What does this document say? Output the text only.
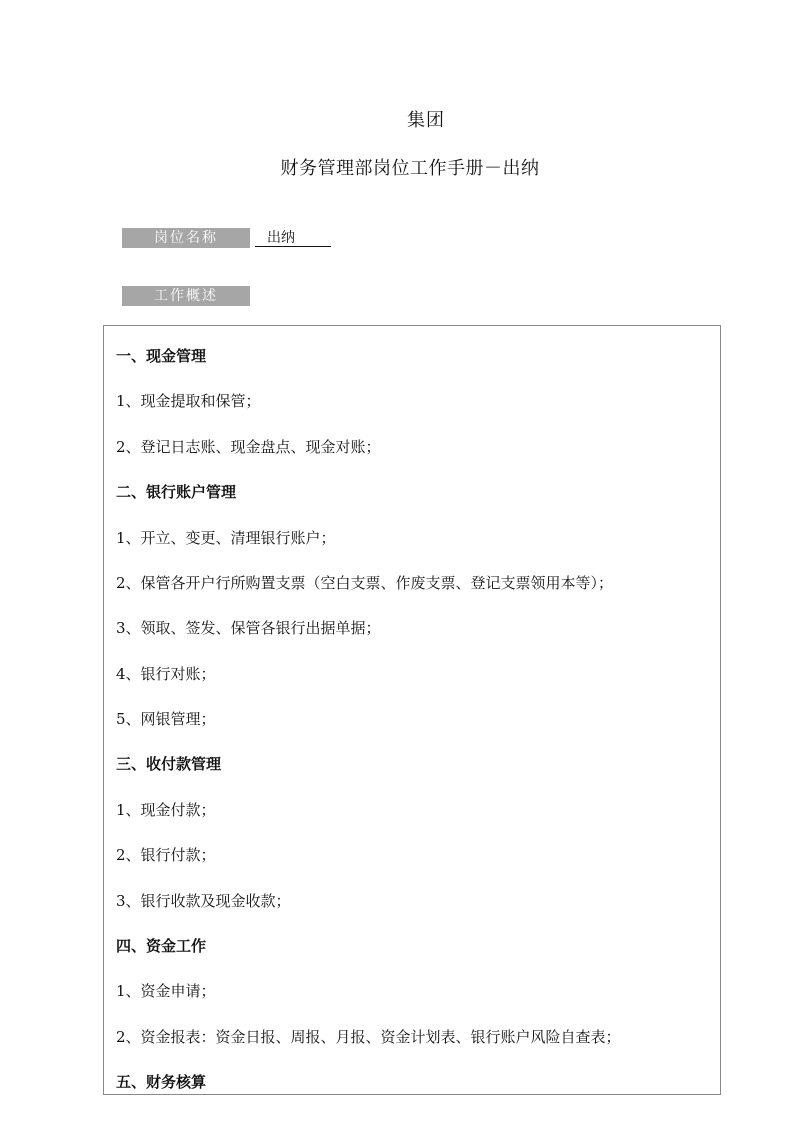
集团
财务管理部岗位工作手册－出纳
岗位名称	出纳
工作概述
一、现金管理
1、现金提取和保管；
2、登记日志账、现金盘点、现金对账；
二、银行账户管理
1、开立、变更、清理银行账户；
2、保管各开户行所购置支票（空白支票、作废支票、登记支票领用本等）；
3、领取、签发、保管各银行出据单据；
4、银行对账；
5、网银管理；
三、收付款管理
1、现金付款；
2、银行付款；
3、银行收款及现金收款；
四、资金工作
1、资金申请；
2、资金报表：资金日报、周报、月报、资金计划表、银行账户风险自查表；
五、财务核算
